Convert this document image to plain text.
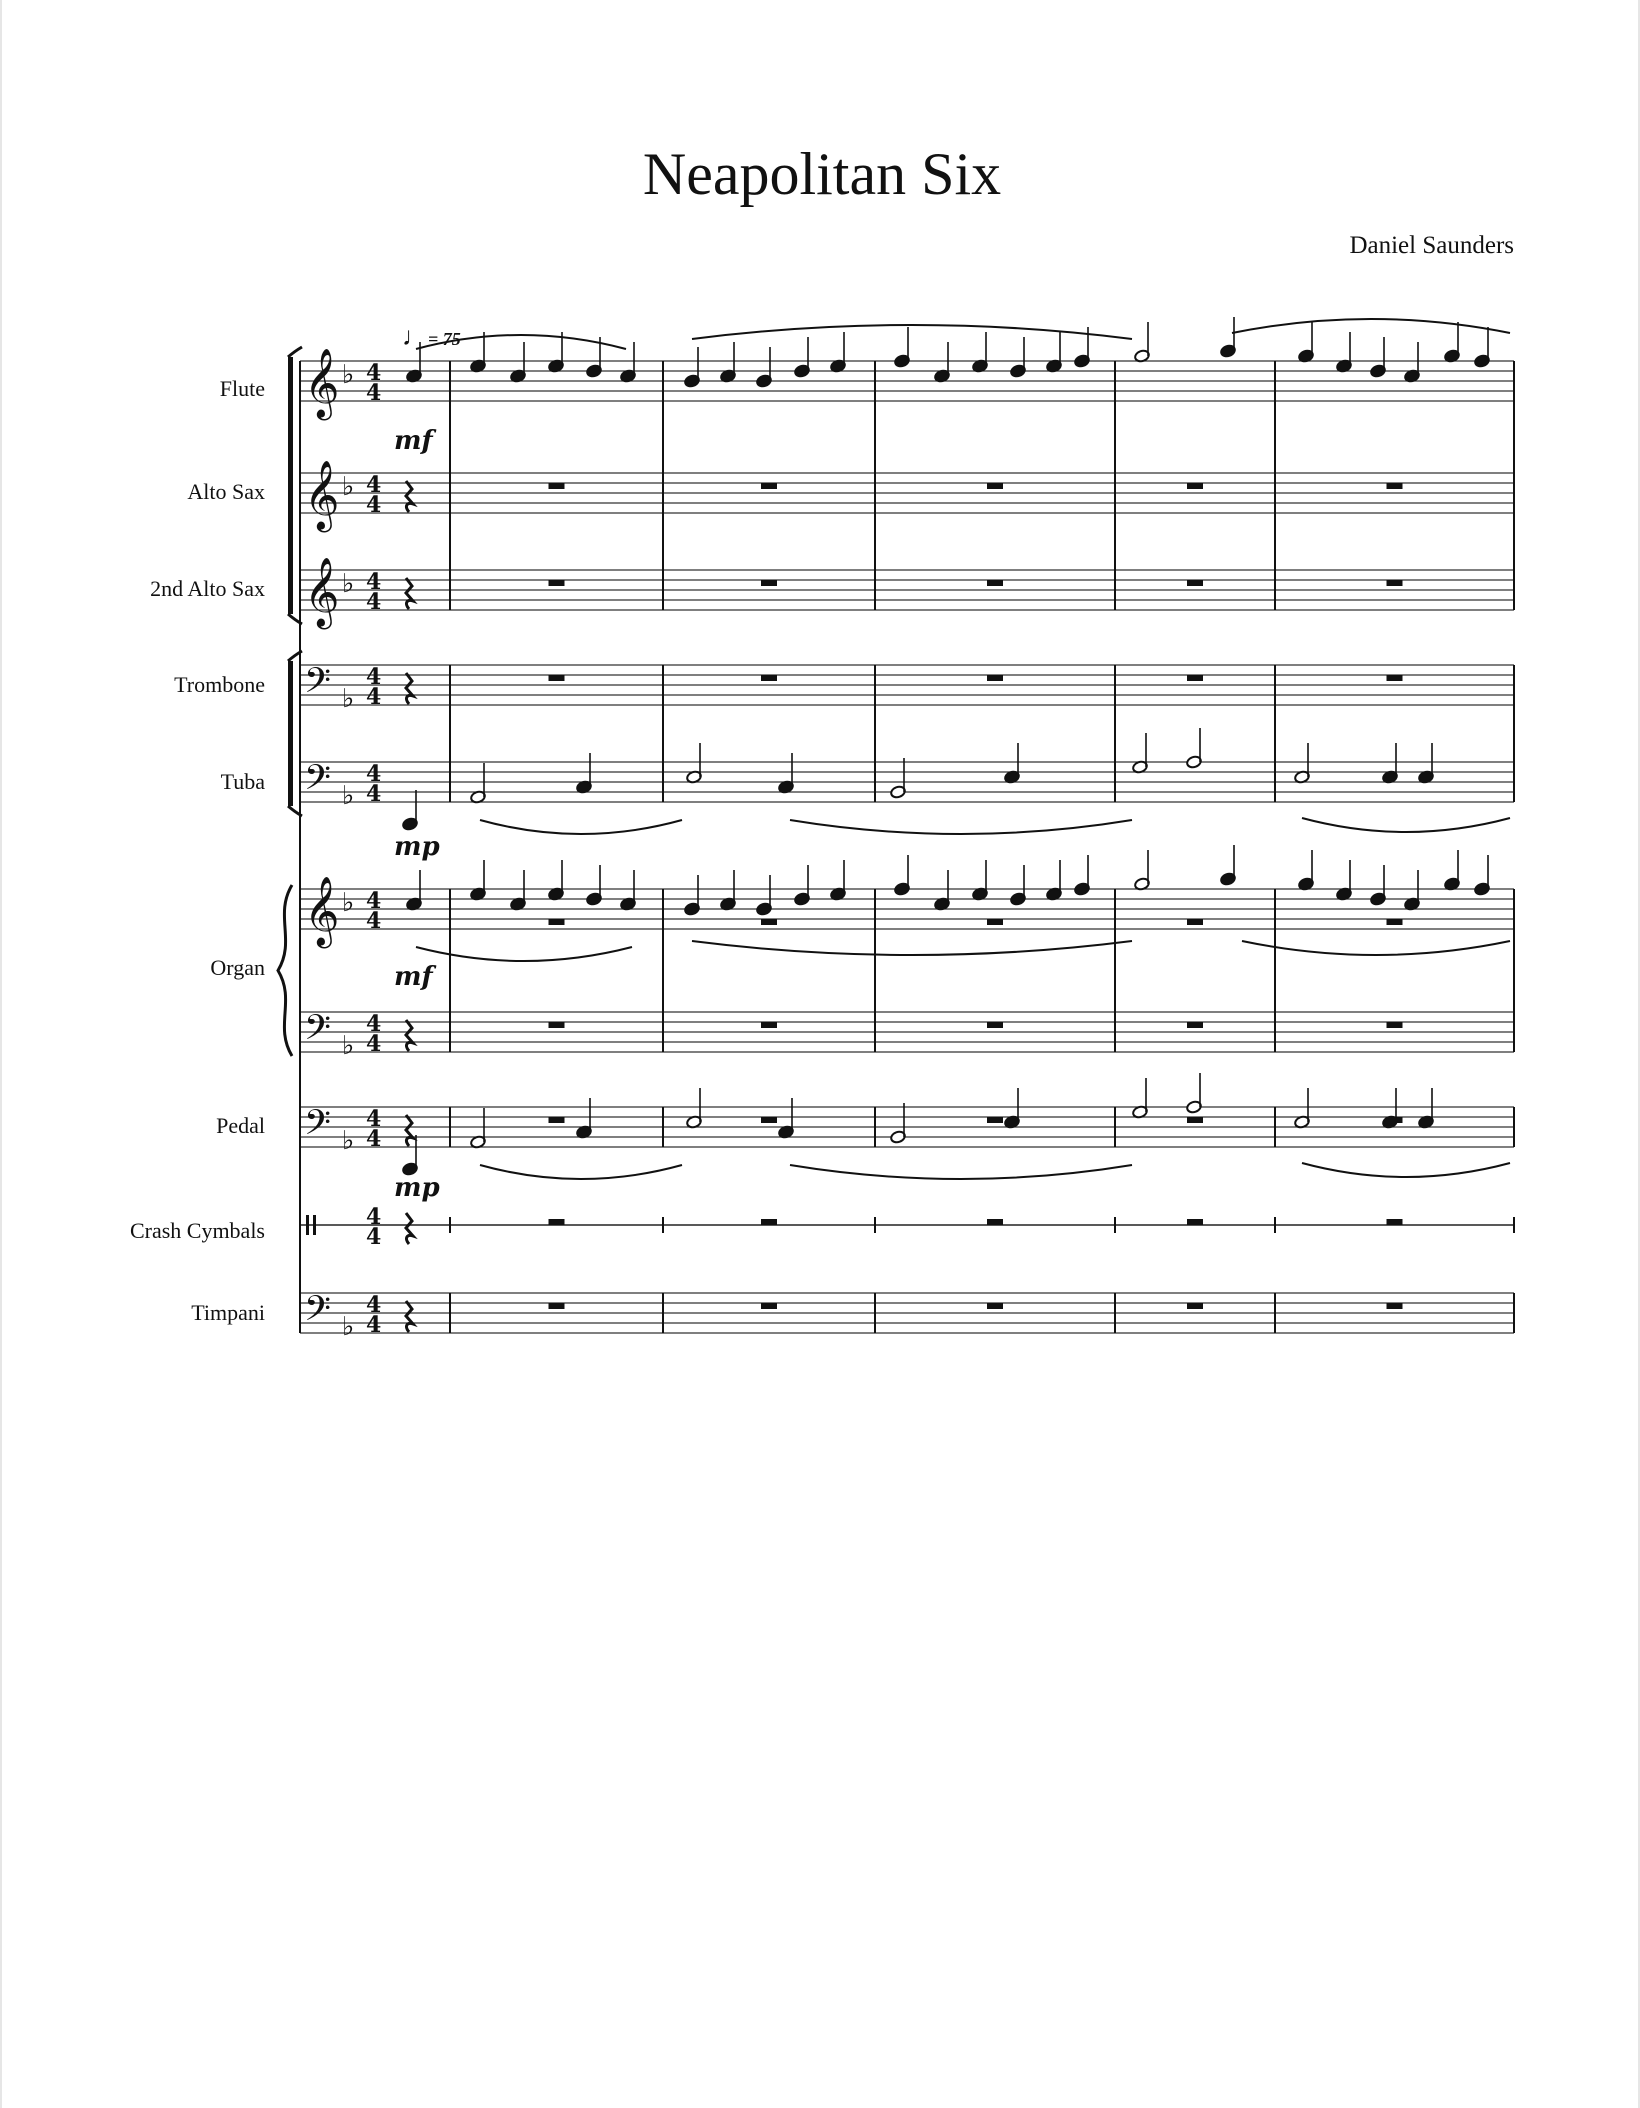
Neapolitan Six
Daniel Saunders
♩= 75
Flute
Alto Sax
2nd Alto Sax
Trombone
Tuba
Organ
Pedal
Crash Cymbals
Timpani
𝄞 ♭ 4
4
𝄞 ♭ 4
4
𝄞 ♭ 4
4
𝄢 ♭
4
4
𝄢 ♭
4
4
𝄞 ♭ 4
4
𝄢 ♭
4
4
𝄢 ♭
4
4
4
4
𝄢 ♭
4
4
mf
mp
mf
mp
